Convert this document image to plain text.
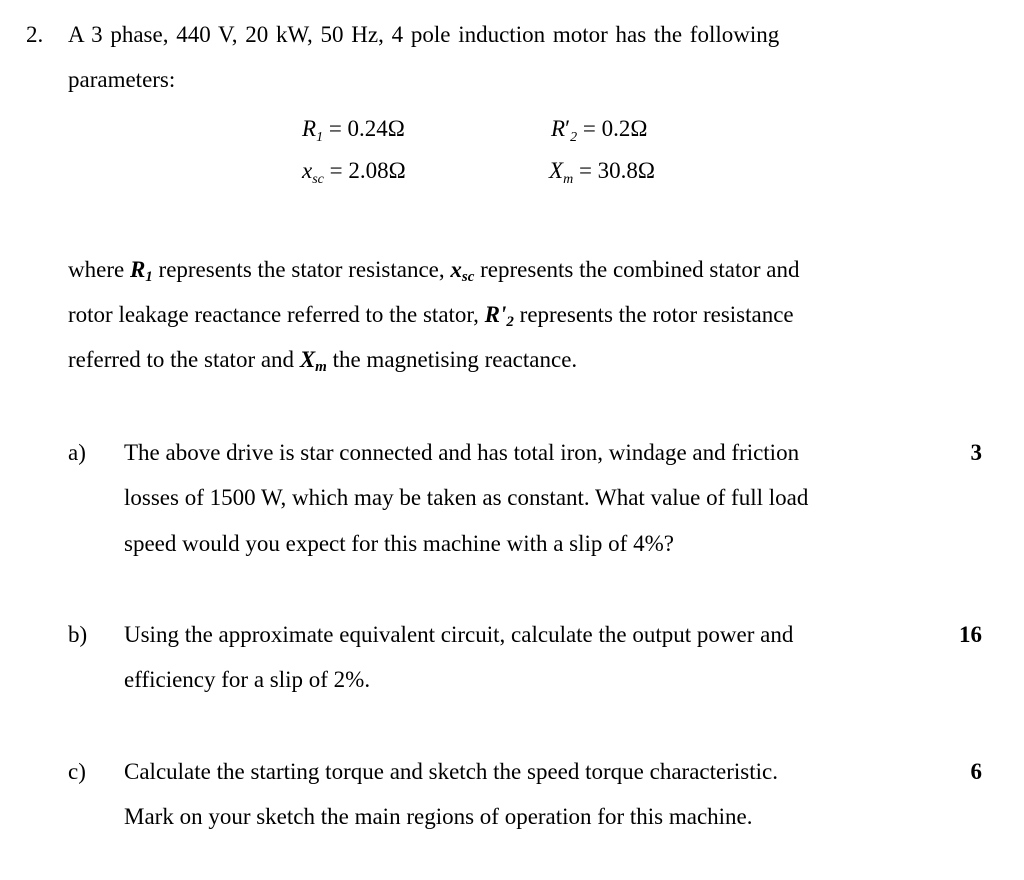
2. A 3 phase, 440 V, 20 kW, 50 Hz, 4 pole induction motor has the following
parameters:
$R_1 = 0.24\Omega$	$R'_2 = 0.2\Omega$
$x_{sc} = 2.08\Omega$	$X_m = 30.8\Omega$
where $R_1$ represents the stator resistance, $x_{sc}$ represents the combined stator and
rotor leakage reactance referred to the stator, $R'_2$ represents the rotor resistance
referred to the stator and $X_m$ the magnetising reactance.
a) The above drive is star connected and has total iron, windage and friction
losses of 1500 W, which may be taken as constant. What value of full load
speed would you expect for this machine with a slip of 4%?
3
b) Using the approximate equivalent circuit, calculate the output power and
efficiency for a slip of 2%.
16
c) Calculate the starting torque and sketch the speed torque characteristic.
Mark on your sketch the main regions of operation for this machine.
6
